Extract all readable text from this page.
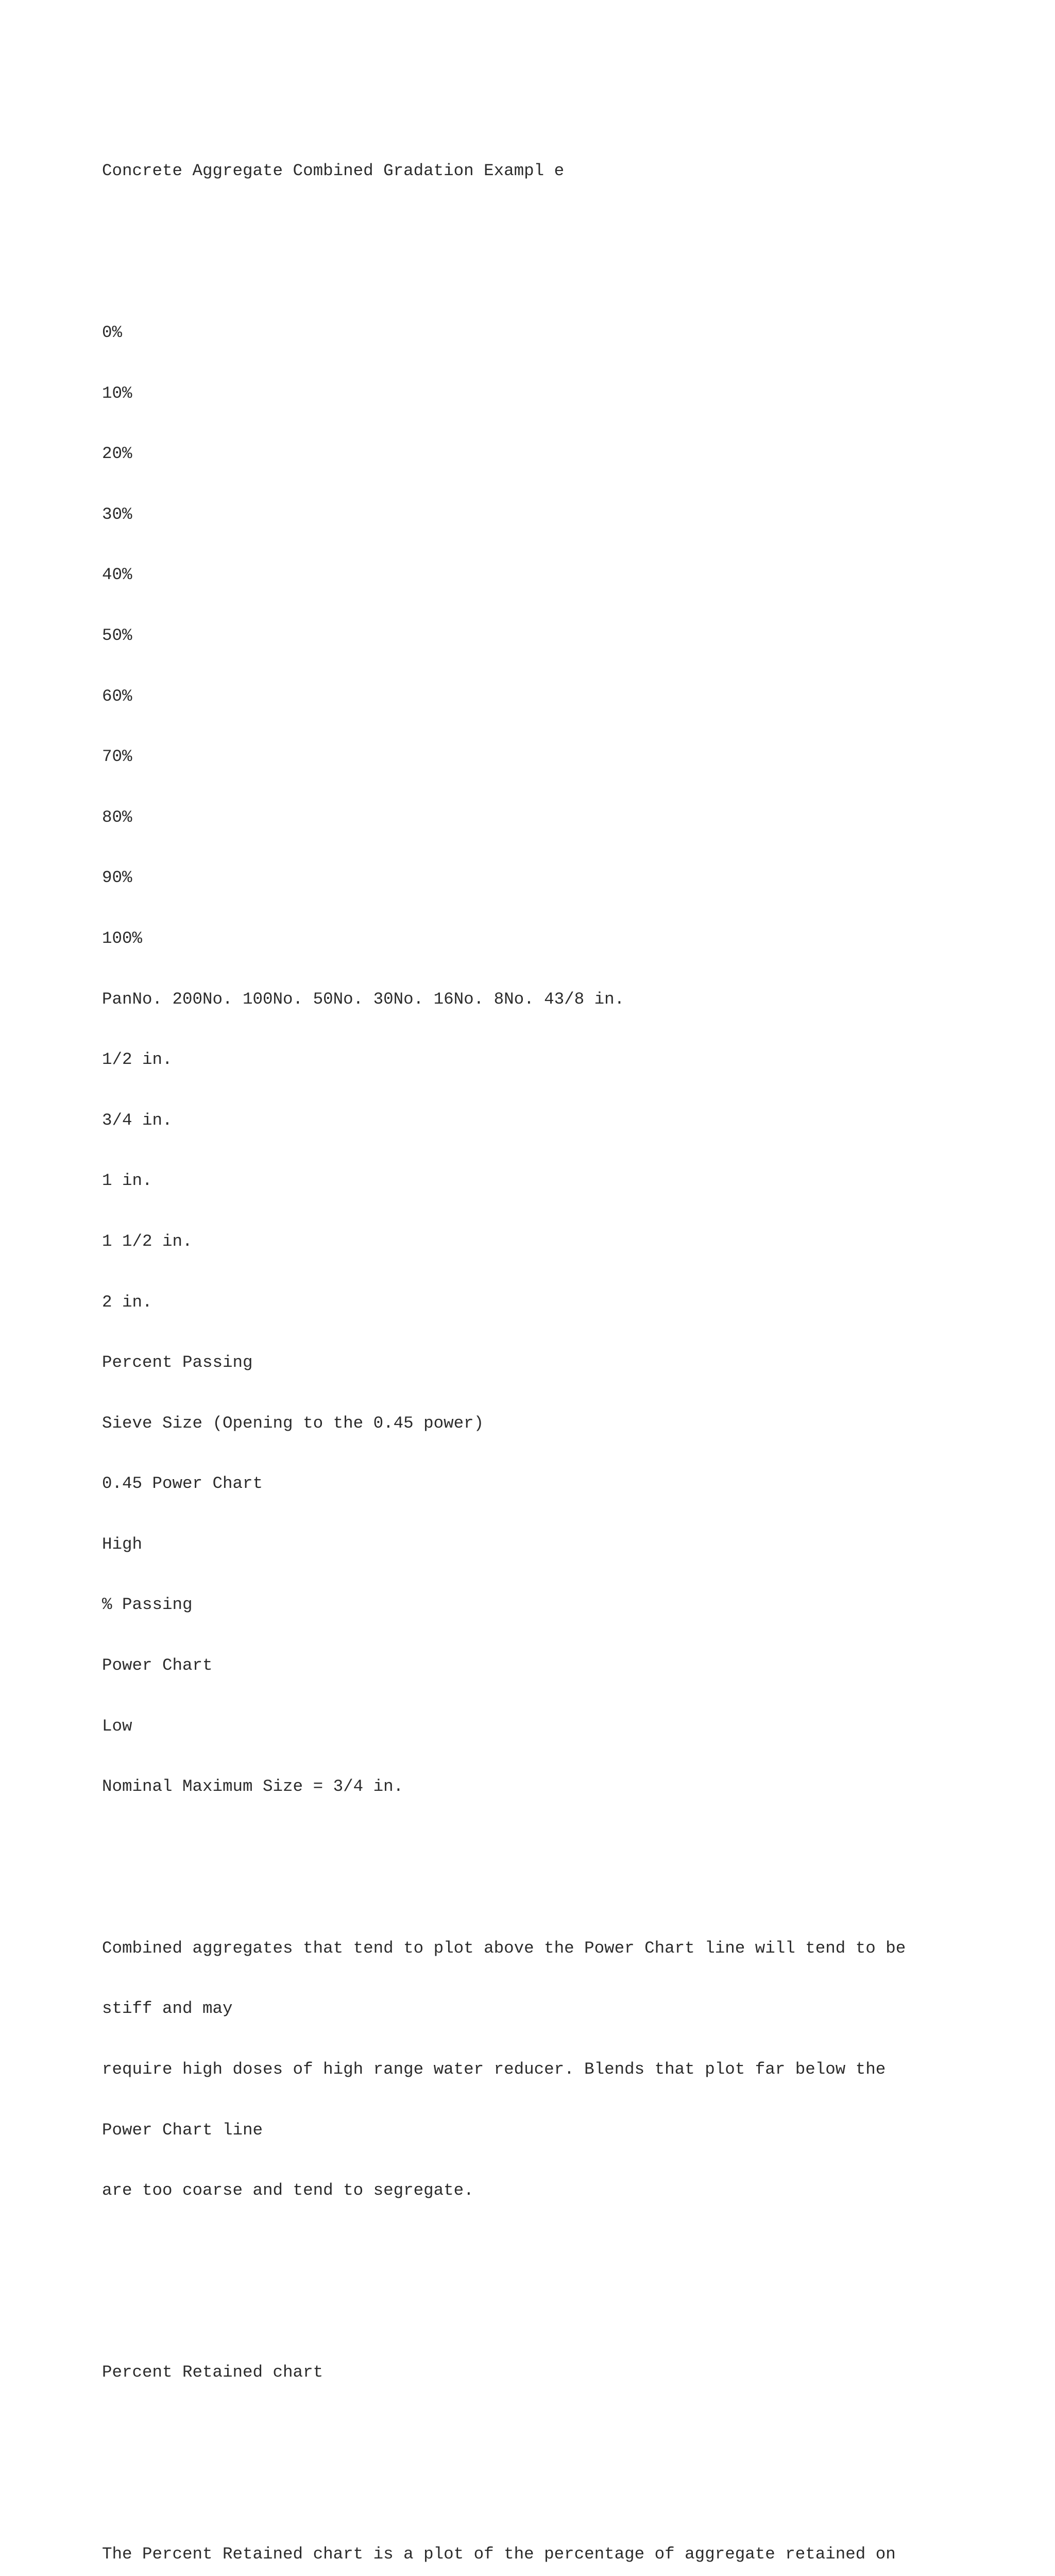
Concrete Aggregate Combined Gradation Exampl e

0%

10%

20%

30%

40%

50%

60%

70%

80%

90%

100%

PanNo. 200No. 100No. 50No. 30No. 16No. 8No. 43/8 in.

1/2 in.

3/4 in.

1 in.

1 1/2 in.

2 in.

Percent Passing

Sieve Size (Opening to the 0.45 power)

0.45 Power Chart

High

% Passing

Power Chart

Low

Nominal Maximum Size = 3/4 in.

Combined aggregates that tend to plot above the Power Chart line will tend to be

stiff and may

require high doses of high range water reducer. Blends that plot far below the

Power Chart line

are too coarse and tend to segregate.

Percent Retained chart

The Percent Retained chart is a plot of the percentage of aggregate retained on
